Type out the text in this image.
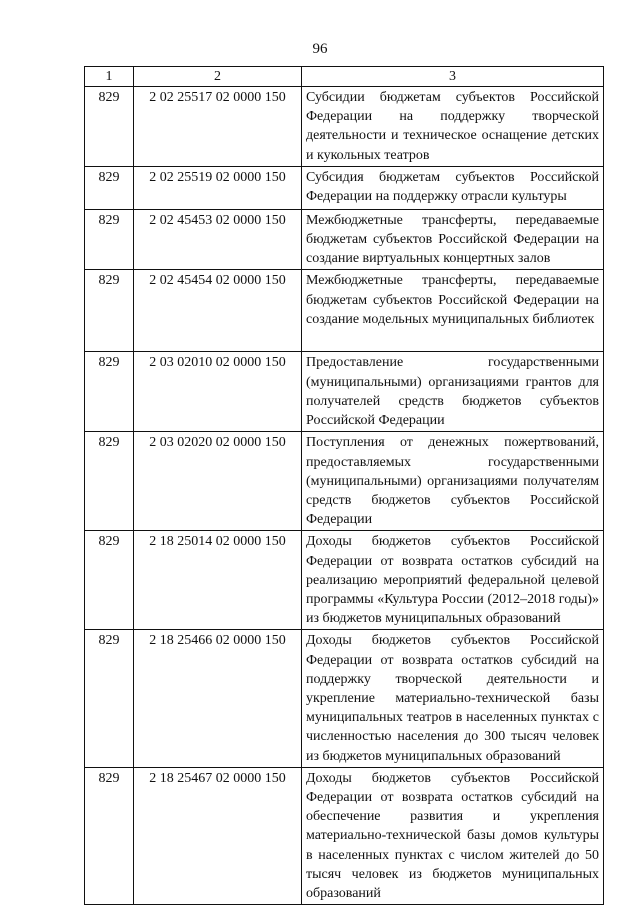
96
1	2	3
829	2 02 25517 02 0000 150	Субсидии бюджетам субъектов Российской Федерации на поддержку творческой деятельности и техническое оснащение детских и кукольных театров
829	2 02 25519 02 0000 150	Субсидия бюджетам субъектов Российской Федерации на поддержку отрасли культуры
829	2 02 45453 02 0000 150	Межбюджетные трансферты, передаваемые бюджетам субъектов Российской Федерации на создание виртуальных концертных залов
829	2 02 45454 02 0000 150	Межбюджетные трансферты, передаваемые бюджетам субъектов Российской Федерации на создание модельных муниципальных библиотек
829	2 03 02010 02 0000 150	Предоставление государственными (муниципальными) организациями грантов для получателей средств бюджетов субъектов Российской Федерации
829	2 03 02020 02 0000 150	Поступления от денежных пожертвований, предоставляемых государственными (муниципальными) организациями получателям средств бюджетов субъектов Российской Федерации
829	2 18 25014 02 0000 150	Доходы бюджетов субъектов Российской Федерации от возврата остатков субсидий на реализацию мероприятий федеральной целевой программы «Культура России (2012–2018 годы)» из бюджетов муниципальных образований
829	2 18 25466 02 0000 150	Доходы бюджетов субъектов Российской Федерации от возврата остатков субсидий на поддержку творческой деятельности и укрепление материально-технической базы муниципальных театров в населенных пунктах с численностью населения до 300 тысяч человек из бюджетов муниципальных образований
829	2 18 25467 02 0000 150	Доходы бюджетов субъектов Российской Федерации от возврата остатков субсидий на обеспечение развития и укрепления материально-технической базы домов культуры в населенных пунктах с числом жителей до 50 тысяч человек из бюджетов муниципальных образований
